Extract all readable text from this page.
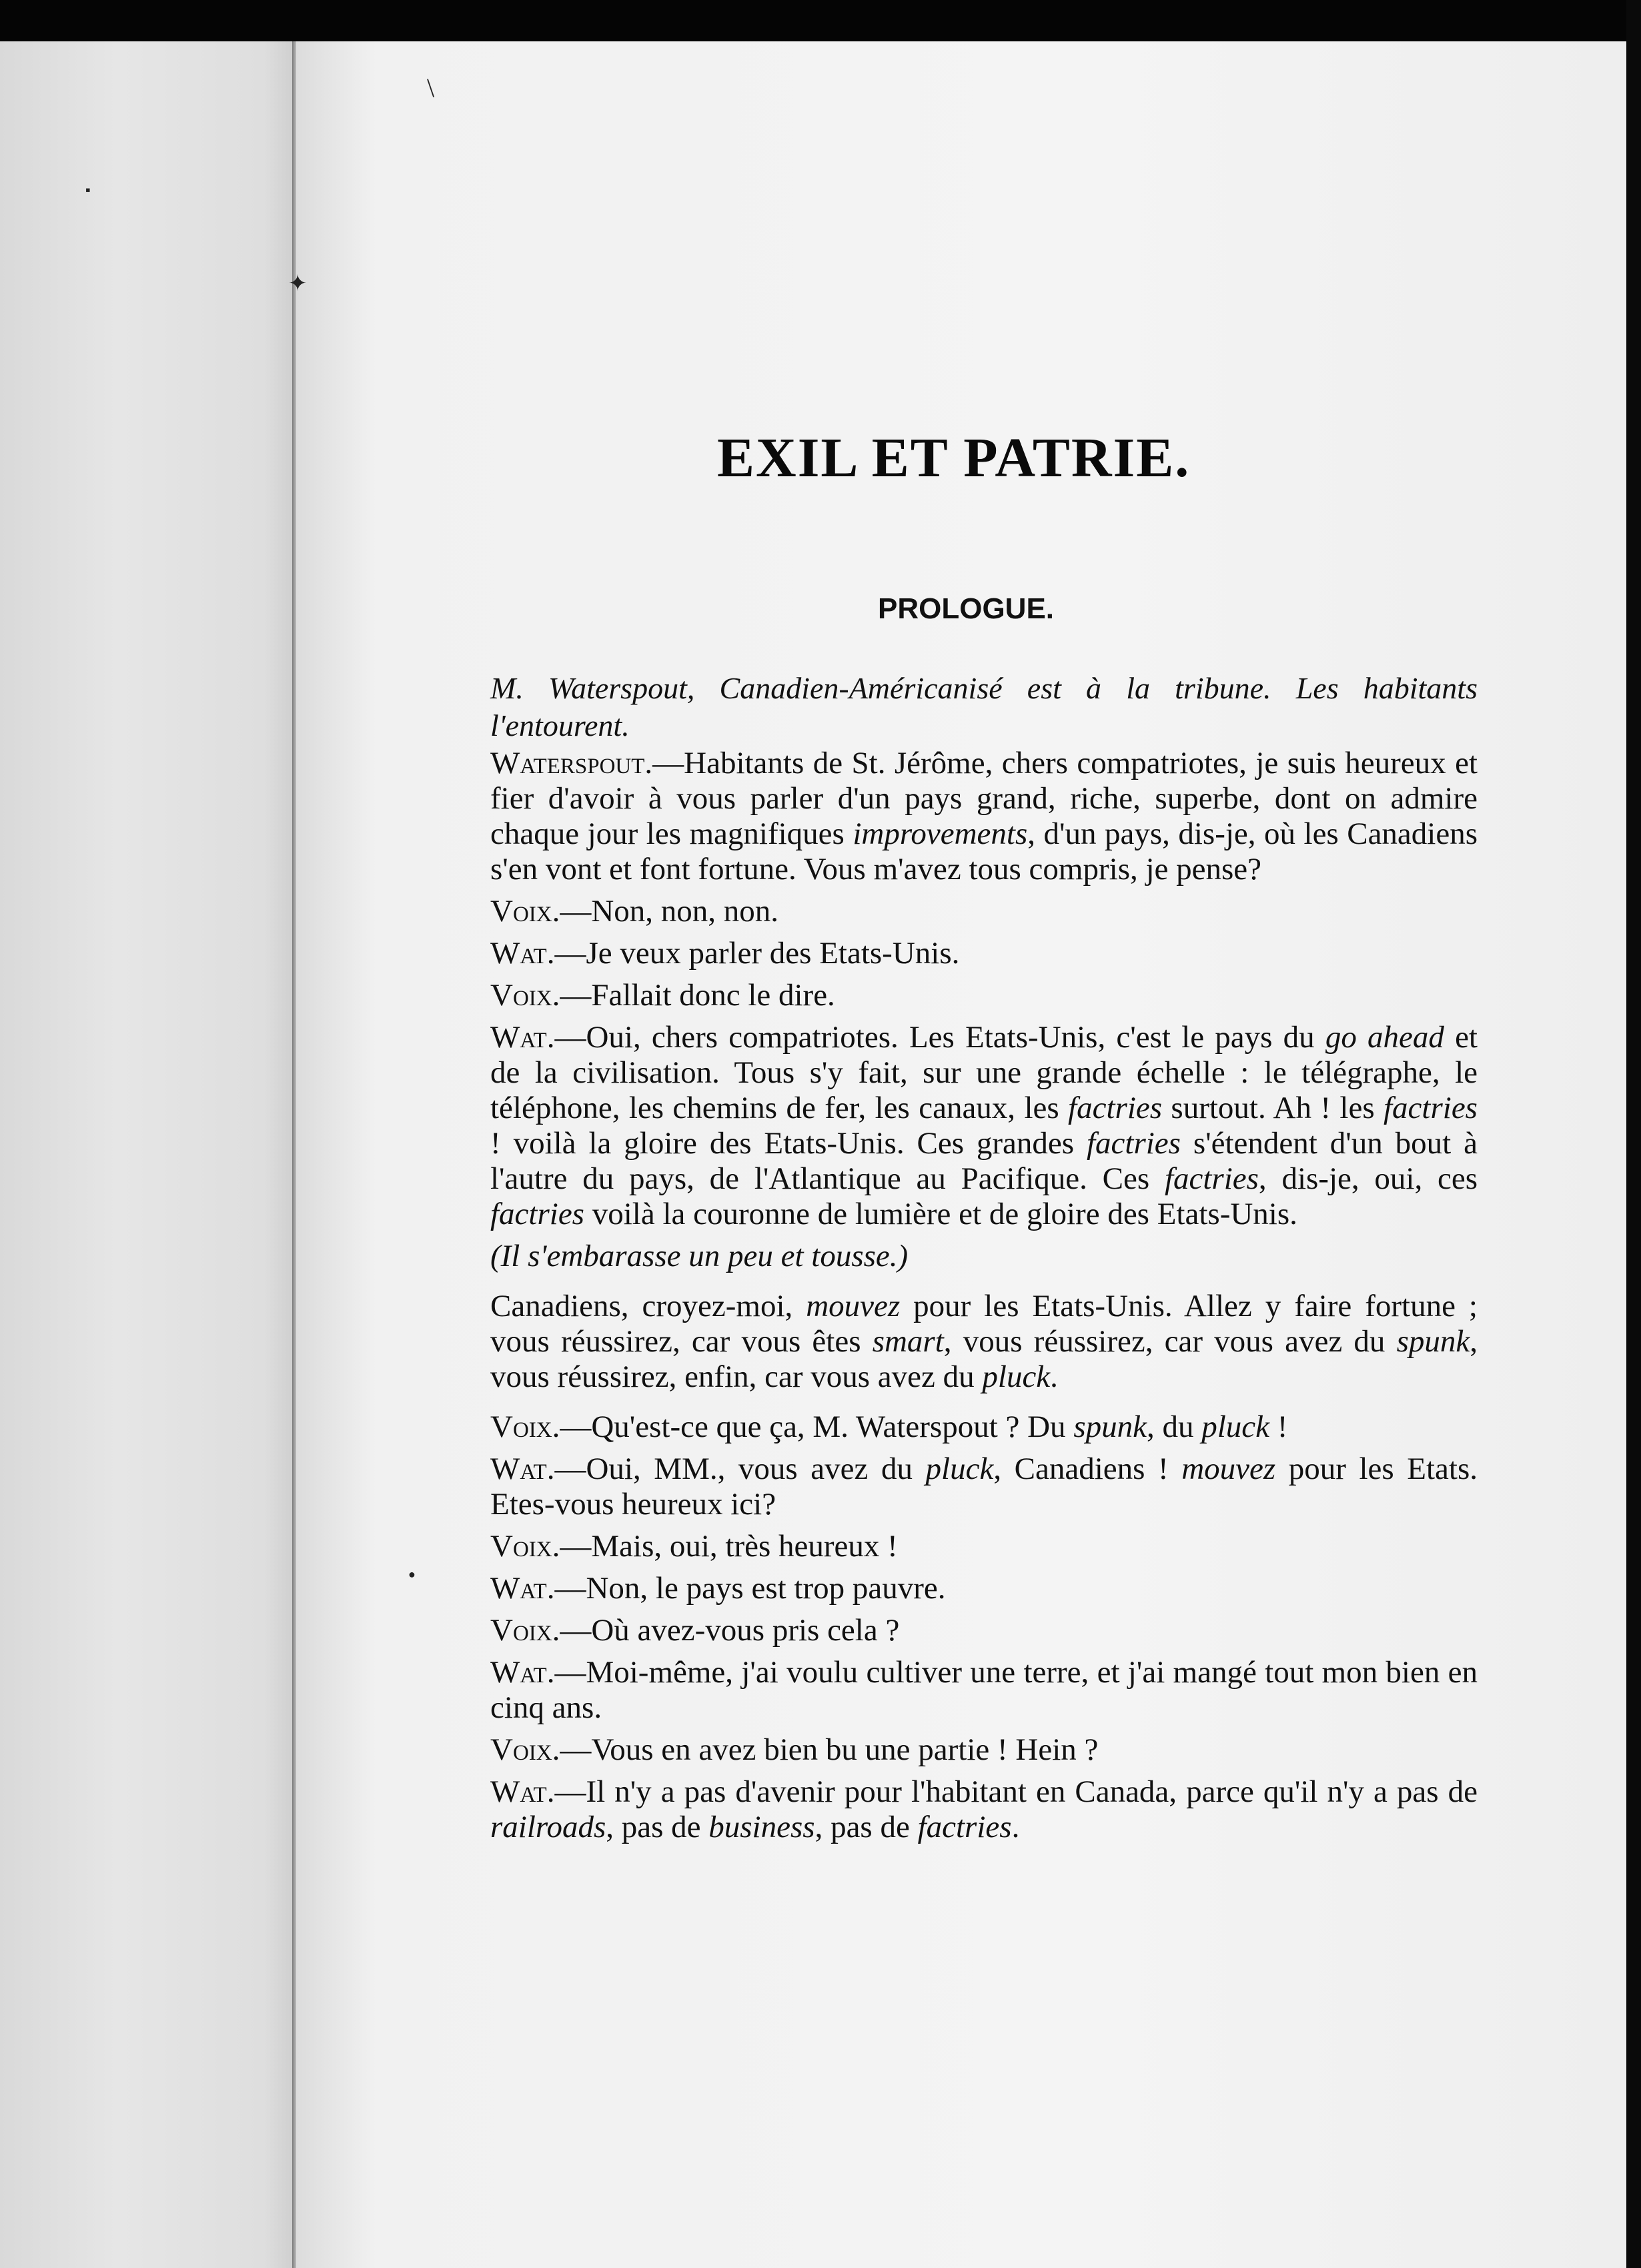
\
✦
▪
●
EXIL ET PATRIE.
PROLOGUE.

M. Waterspout, Canadien-Américanisé est à la tribune. Les habitants l'entourent.

Waterspout.—Habitants de St. Jérôme, chers compatriotes, je suis heureux et fier d'avoir à vous parler d'un pays grand, riche, superbe, dont on admire chaque jour les magnifiques improvements, d'un pays, dis-je, où les Canadiens s'en vont et font fortune. Vous m'avez tous compris, je pense?

Voix.—Non, non, non.

Wat.—Je veux parler des Etats-Unis.

Voix.—Fallait donc le dire.

Wat.—Oui, chers compatriotes. Les Etats-Unis, c'est le pays du go ahead et de la civilisation. Tous s'y fait, sur une grande échelle : le télégraphe, le téléphone, les chemins de fer, les canaux, les factries surtout. Ah ! les factries ! voilà la gloire des Etats-Unis. Ces grandes factries s'étendent d'un bout à l'autre du pays, de l'Atlantique au Pacifique. Ces factries, dis-je, oui, ces factries voilà la couronne de lumière et de gloire des Etats-Unis.

(Il s'embarasse un peu et tousse.)

Canadiens, croyez-moi, mouvez pour les Etats-Unis. Allez y faire fortune ; vous réussirez, car vous êtes smart, vous réussirez, car vous avez du spunk, vous réussirez, enfin, car vous avez du pluck.

Voix.—Qu'est-ce que ça, M. Waterspout ? Du spunk, du pluck !

Wat.—Oui, MM., vous avez du pluck, Canadiens ! mouvez pour les Etats. Etes-vous heureux ici?

Voix.—Mais, oui, très heureux !

Wat.—Non, le pays est trop pauvre.

Voix.—Où avez-vous pris cela ?

Wat.—Moi-même, j'ai voulu cultiver une terre, et j'ai mangé tout mon bien en cinq ans.

Voix.—Vous en avez bien bu une partie ! Hein ?

Wat.—Il n'y a pas d'avenir pour l'habitant en Canada, parce qu'il n'y a pas de railroads, pas de business, pas de factries.
